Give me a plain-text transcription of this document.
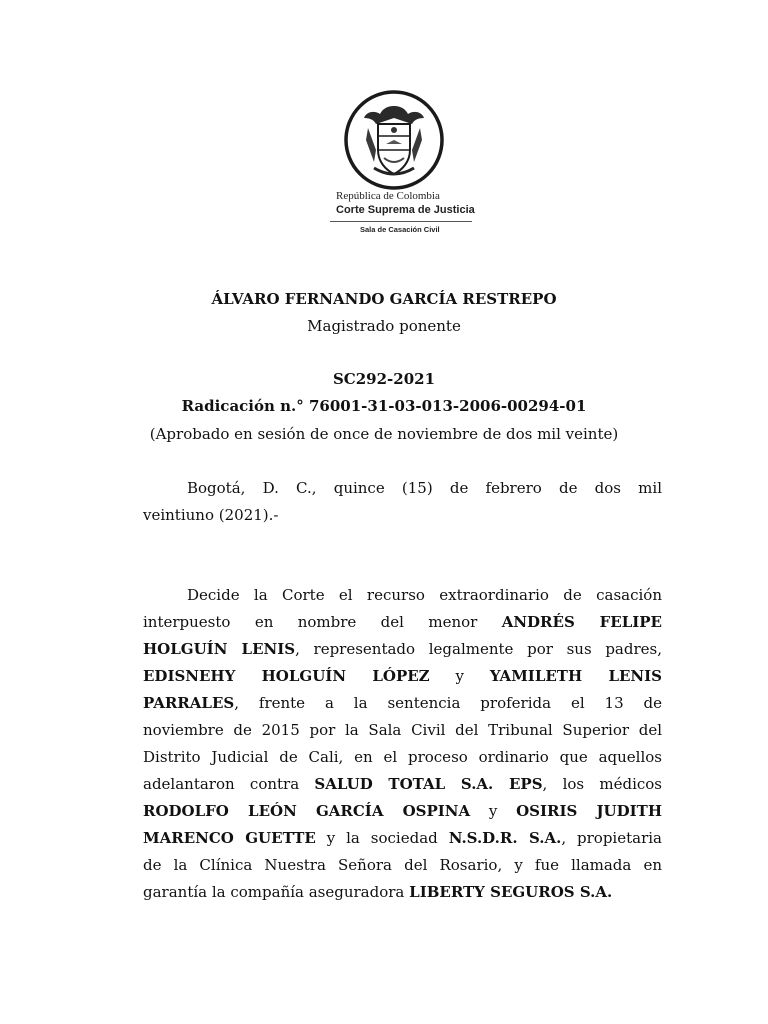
República de Colombia
Corte Suprema de Justicia
Sala de Casación Civil
ÁLVARO FERNANDO GARCÍA RESTREPO
Magistrado ponente
SC292-2021
Radicación n.° 76001-31-03-013-2006-00294-01
(Aprobado en sesión de once de noviembre de dos mil veinte)
Bogotá, D. C., quince (15) de febrero de dos mil
veintiuno (2021).-
Decide la Corte el recurso extraordinario de casación
interpuesto en nombre del menor ANDRÉS FELIPE
HOLGUÍN LENIS, representado legalmente por sus padres,
EDISNEHY HOLGUÍN LÓPEZ y YAMILETH LENIS
PARRALES, frente a la sentencia proferida el 13 de
noviembre de 2015 por la Sala Civil del Tribunal Superior del
Distrito Judicial de Cali, en el proceso ordinario que aquellos
adelantaron contra SALUD TOTAL S.A. EPS, los médicos
RODOLFO LEÓN GARCÍA OSPINA y OSIRIS JUDITH
MARENCO GUETTE y la sociedad N.S.D.R. S.A., propietaria
de la Clínica Nuestra Señora del Rosario, y fue llamada en
garantía la compañía aseguradora LIBERTY SEGUROS S.A.
